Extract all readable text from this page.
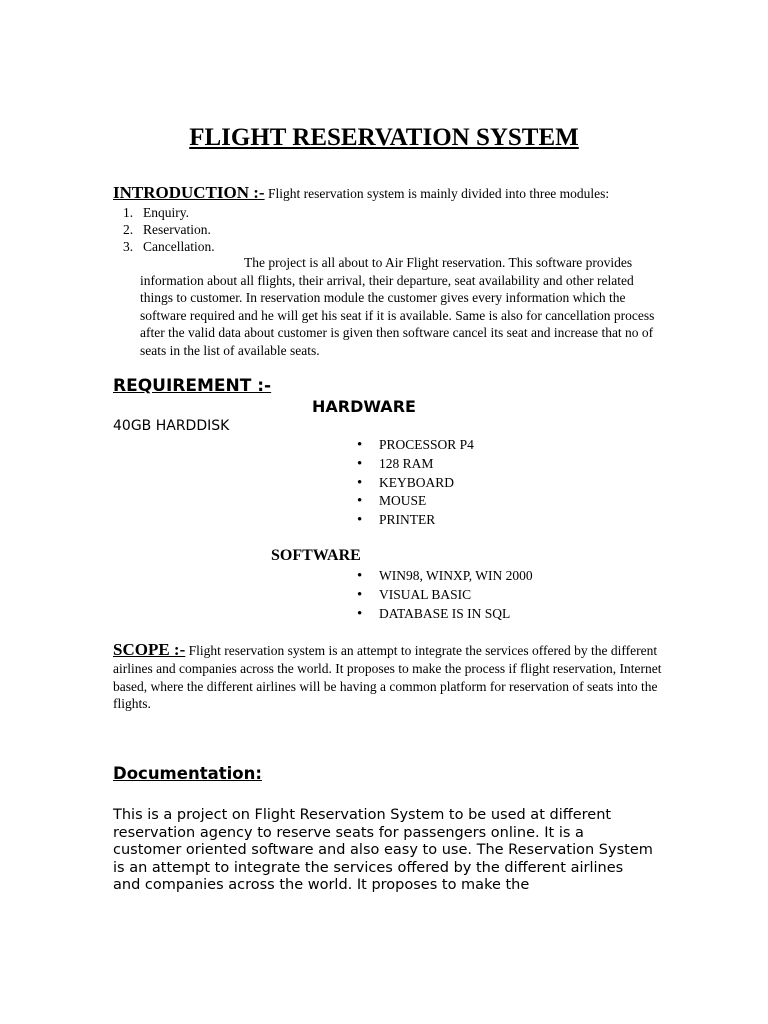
FLIGHT RESERVATION SYSTEM
INTRODUCTION :- Flight reservation system is mainly divided into three modules:
1. Enquiry.
2. Reservation.
3. Cancellation.
The project is all about to Air Flight reservation. This software provides information about all flights, their arrival, their departure, seat availability and other related things to customer. In reservation module the customer gives every information which the software required and he will get his seat if it is available. Same is also for cancellation process after the valid data about customer is given then software cancel its seat and increase that no of seats in the list of available seats.
REQUIREMENT :-
HARDWARE
40GB HARDDISK
• PROCESSOR P4
• 128 RAM
• KEYBOARD
• MOUSE
• PRINTER
SOFTWARE
• WIN98, WINXP, WIN 2000
• VISUAL BASIC
• DATABASE IS IN SQL
SCOPE :- Flight reservation system is an attempt to integrate the services offered by the different airlines and companies across the world. It proposes to make the process if flight reservation, Internet based, where the different airlines will be having a common platform for reservation of seats into the flights.
Documentation:
This is a project on Flight Reservation System to be used at different reservation agency to reserve seats for passengers online. It is a customer oriented software and also easy to use. The Reservation System is an attempt to integrate the services offered by the different airlines and companies across the world. It proposes to make the
